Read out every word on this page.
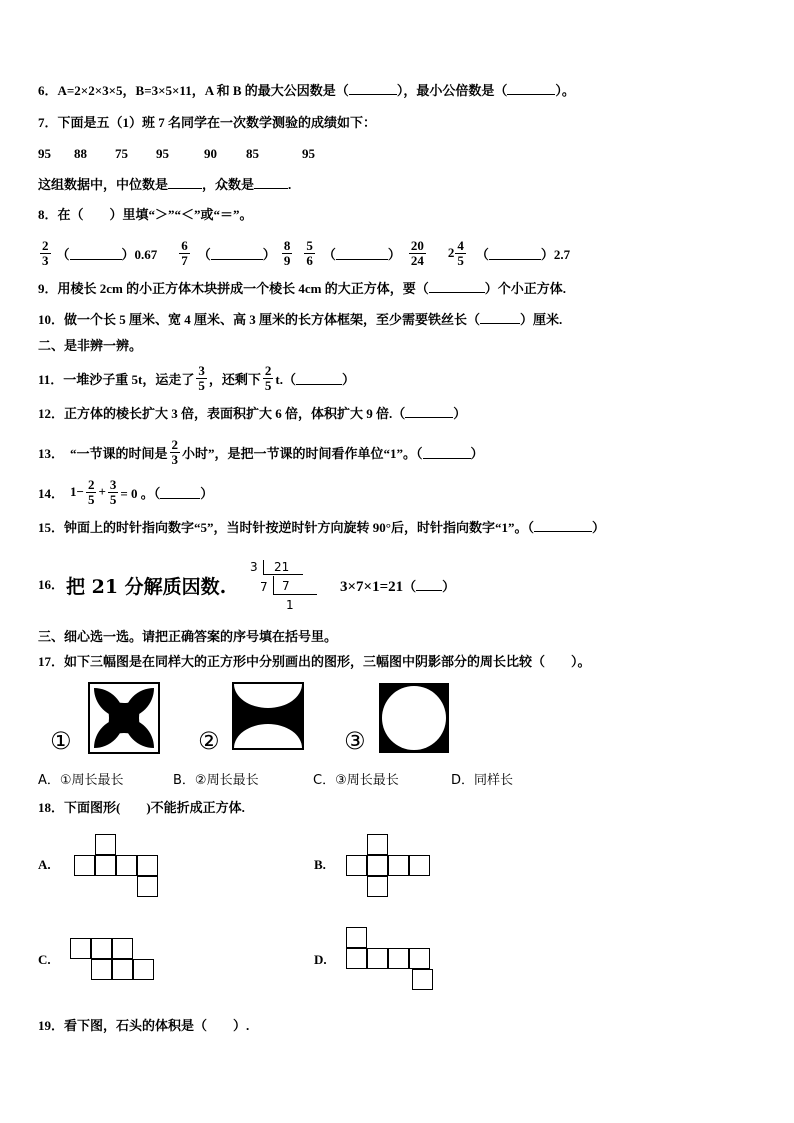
6．A=2×2×3×5，B=3×5×11，A 和 B 的最大公因数是（	），最小公倍数是（	）。
7．下面是五（1）班 7 名同学在一次数学测验的成绩如下：
95 88 75 95	90 85	95
这组数据中，中位数是	，众数是	.
8．在（　　）里填“＞”“＜”或“＝”。
$\frac{2}{3}$ （	）$0.67 \frac{6}{7}$ （	） $\frac{8}{9} \frac{5}{6}$ （	） $\frac{20}{24} 2 \frac{4}{5}$ （	）2.7
9．用棱长 2cm 的小正方体木块拼成一个棱长 4cm 的大正方体，要（	）个小正方体.
10．做一个长 5 厘米、宽 4 厘米、高 3 厘米的长方体框架，至少需要铁丝长（	）厘米.
二、是非辨一辨。
11． 一堆沙子重 5t，运走了 $\frac{3}{5}$ ，还剩下 $\frac{2}{5} t$.（	）
12．正方体的棱长扩大 3 倍，表面积扩大 6 倍，体积扩大 9 倍.（	）
13． “一节课的时间是 $\frac{2}{3}$ 小时”，是把一节课的时间看作单位“1”。（	）
14． $1- \frac{2}{5} + \frac{3}{5} = 0$ 。（	）
15．钟面上的时针指向数字“5”，当时针按逆时针方向旋转 90°后，时针指向数字“1”。（	）
16． 把 21 分解质因数.
3 21
7 7
1
3×7×1=21（ ）
三、细心选一选。请把正确答案的序号填在括号里。
17．如下三幅图是在同样大的正方形中分别画出的图形，三幅图中阴影部分的周长比较（　　）。
①	②	③
A．①周长最长	B．②周长最长	C．③周长最长	D．同样长
18．下面图形(　　)不能折成正方体.
A.	B.
C.	D.
19．看下图，石头的体积是（　　）.
